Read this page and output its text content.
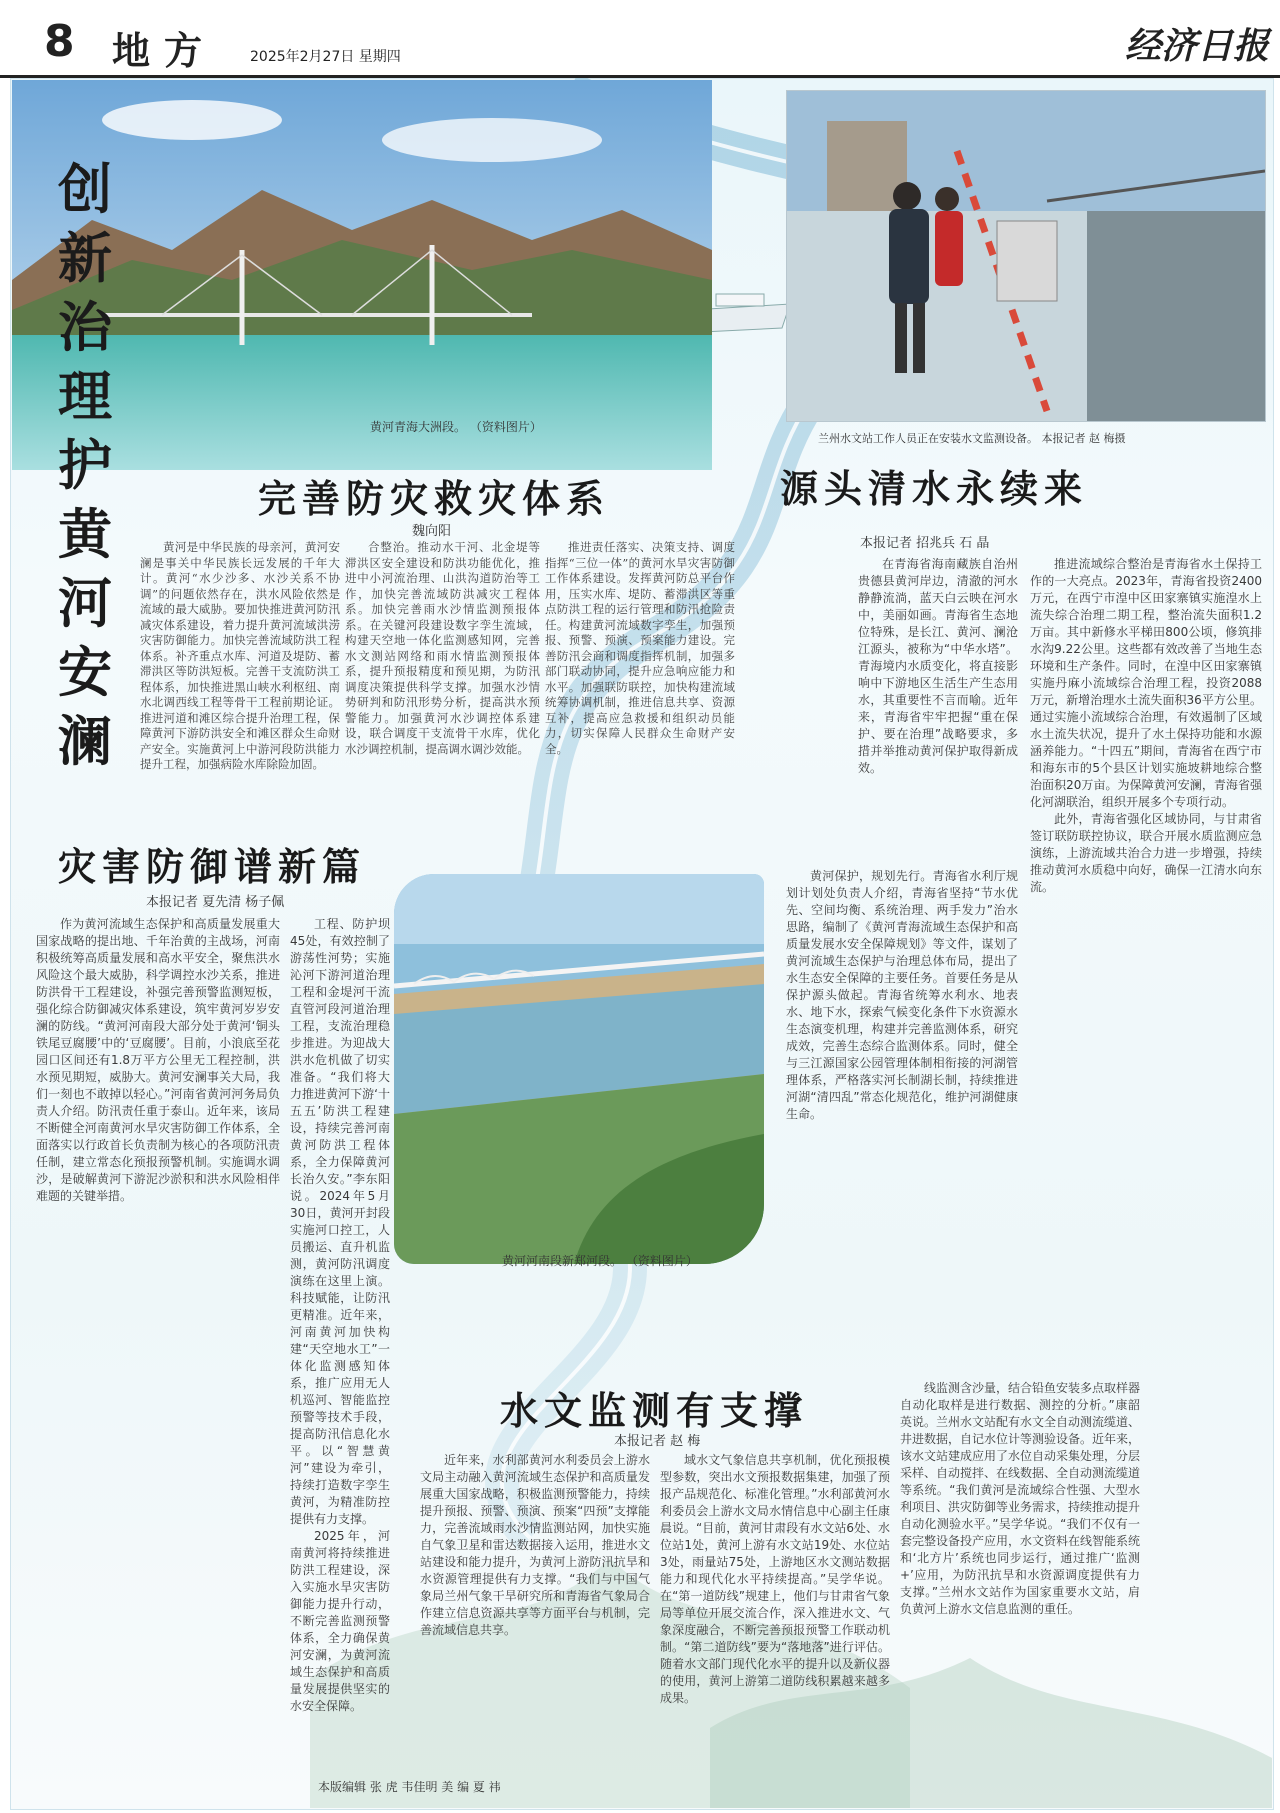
8 地方 2025年2月27日 星期四	经济日报
黄河青海大洲段。 （资料图片）
兰州水文站工作人员正在安装水文监测设备。 本报记者 赵 梅摄
创新治理护黄河安澜
完善防灾救灾体系
魏向阳

黄河是中华民族的母亲河，黄河安澜是事关中华民族长远发展的千年大计。黄河“水少沙多、水沙关系不协调”的问题依然存在，洪水风险依然是流域的最大威胁。要加快推进黄河防汛减灾体系建设，着力提升黄河流域洪涝灾害防御能力。加快完善流域防洪工程体系。补齐重点水库、河道及堤防、蓄滞洪区等防洪短板。完善干支流防洪工程体系，加快推进黑山峡水利枢纽、南水北调西线工程等骨干工程前期论证。推进河道和滩区综合提升治理工程，保障黄河下游防洪安全和滩区群众生命财产安全。实施黄河上中游河段防洪能力提升工程，加强病险水库除险加固。

合整治。推动水干河、北金堤等滞洪区安全建设和防洪功能优化，推进中小河流治理、山洪沟道防治等工作，加快完善流域防洪减灾工程体系。加快完善雨水沙情监测预报体系。在关键河段建设数字孪生流域，构建天空地一体化监测感知网，完善水文测站网络和雨水情监测预报体系，提升预报精度和预见期，为防汛调度决策提供科学支撑。加强水沙情势研判和防汛形势分析，提高洪水预警能力。加强黄河水沙调控体系建设，联合调度干支流骨干水库，优化水沙调控机制，提高调水调沙效能。

推进责任落实、决策支持、调度指挥“三位一体”的黄河水旱灾害防御工作体系建设。发挥黄河防总平台作用，压实水库、堤防、蓄滞洪区等重点防洪工程的运行管理和防汛抢险责任。构建黄河流域数字孪生，加强预报、预警、预演、预案能力建设。完善防汛会商和调度指挥机制，加强多部门联动协同，提升应急响应能力和水平。加强联防联控，加快构建流域统筹协调机制，推进信息共享、资源互补，提高应急救援和组织动员能力，切实保障人民群众生命财产安全。

源头清水永续来
本报记者 招兆兵 石 晶

在青海省海南藏族自治州贵德县黄河岸边，清澈的河水静静流淌，蓝天白云映在河水中，美丽如画。青海省生态地位特殊，是长江、黄河、澜沧江源头，被称为“中华水塔”。青海境内水质变化，将直接影响中下游地区生活生产生态用水，其重要性不言而喻。近年来，青海省牢牢把握“重在保护、要在治理”战略要求，多措并举推动黄河保护取得新成效。

黄河保护，规划先行。青海省水利厅规划计划处负责人介绍，青海省坚持“节水优先、空间均衡、系统治理、两手发力”治水思路，编制了《黄河青海流域生态保护和高质量发展水安全保障规划》等文件，谋划了黄河流域生态保护与治理总体布局，提出了水生态安全保障的主要任务。首要任务是从保护源头做起。青海省统筹水利水、地表水、地下水，探索气候变化条件下水资源水生态演变机理，构建并完善监测体系，研究成效，完善生态综合监测体系。同时，健全与三江源国家公园管理体制相衔接的河湖管理体系，严格落实河长制湖长制，持续推进河湖“清四乱”常态化规范化，维护河湖健康生命。

推进流域综合整治是青海省水土保持工作的一大亮点。2023年，青海省投资2400万元，在西宁市湟中区田家寨镇实施湟水上流失综合治理二期工程，整治流失面积1.2万亩。其中新修水平梯田800公顷，修筑排水沟9.22公里。这些都有效改善了当地生态环境和生产条件。同时，在湟中区田家寨镇实施丹麻小流域综合治理工程，投资2088万元，新增治理水土流失面积36平方公里。通过实施小流域综合治理，有效遏制了区域水土流失状况，提升了水土保持功能和水源涵养能力。“十四五”期间，青海省在西宁市和海东市的5个县区计划实施坡耕地综合整治面积20万亩。为保障黄河安澜，青海省强化河湖联治，组织开展多个专项行动。

此外，青海省强化区域协同，与甘肃省签订联防联控协议，联合开展水质监测应急演练，上游流域共治合力进一步增强，持续推动黄河水质稳中向好，确保一江清水向东流。

黄河河南段新郑河段。 （资料图片）
灾害防御谱新篇
本报记者 夏先清 杨子佩

作为黄河流域生态保护和高质量发展重大国家战略的提出地、千年治黄的主战场，河南积极统筹高质量发展和高水平安全，聚焦洪水风险这个最大威胁，科学调控水沙关系，推进防洪骨干工程建设，补强完善预警监测短板，强化综合防御减灾体系建设，筑牢黄河岁岁安澜的防线。“黄河河南段大部分处于黄河‘铜头铁尾豆腐腰’中的‘豆腐腰’。目前，小浪底至花园口区间还有1.8万平方公里无工程控制，洪水预见期短，威胁大。黄河安澜事关大局，我们一刻也不敢掉以轻心。”河南省黄河河务局负责人介绍。防汛责任重于泰山。近年来，该局不断健全河南黄河水旱灾害防御工作体系，全面落实以行政首长负责制为核心的各项防汛责任制，建立常态化预报预警机制。实施调水调沙，是破解黄河下游泥沙淤积和洪水风险相伴难题的关键举措。

工程、防护坝45处，有效控制了游荡性河势；实施沁河下游河道治理工程和金堤河干流直管河段河道治理工程，支流治理稳步推进。为迎战大洪水危机做了切实准备。“我们将大力推进黄河下游‘十五五’防洪工程建设，持续完善河南黄河防洪工程体系，全力保障黄河长治久安。”李东阳说。2024年5月30日，黄河开封段实施河口控工，人员搬运、直升机监测，黄河防汛调度演练在这里上演。科技赋能，让防汛更精准。近年来，河南黄河加快构建“天空地水工”一体化监测感知体系，推广应用无人机巡河、智能监控预警等技术手段，提高防汛信息化水平。以“智慧黄河”建设为牵引，持续打造数字孪生黄河，为精准防控提供有力支撑。

2025年，河南黄河将持续推进防洪工程建设，深入实施水旱灾害防御能力提升行动，不断完善监测预警体系，全力确保黄河安澜，为黄河流域生态保护和高质量发展提供坚实的水安全保障。

水文监测有支撑
本报记者 赵 梅

近年来，水利部黄河水利委员会上游水文局主动融入黄河流域生态保护和高质量发展重大国家战略，积极监测预警能力，持续提升预报、预警、预演、预案“四预”支撑能力，完善流域雨水沙情监测站网，加快实施自气象卫星和雷达数据接入运用，推进水文站建设和能力提升，为黄河上游防汛抗旱和水资源管理提供有力支撑。“我们与中国气象局兰州气象干旱研究所和青海省气象局合作建立信息资源共享等方面平台与机制，完善流域信息共享。

域水文气象信息共享机制，优化预报模型参数，突出水文预报数据集建，加强了预报产品规范化、标准化管理。”水利部黄河水利委员会上游水文局水情信息中心副主任康晨说。“目前，黄河甘肃段有水文站6处、水位站1处，黄河上游有水文站19处、水位站3处，雨量站75处，上游地区水文测站数据能力和现代化水平持续提高。”吴学华说。在“第一道防线”规建上，他们与甘肃省气象局等单位开展交流合作，深入推进水文、气象深度融合，不断完善预报预警工作联动机制。“第二道防线”要为“落地落”进行评估。随着水文部门现代化水平的提升以及新仪器的使用，黄河上游第二道防线积累越来越多成果。

线监测含沙量，结合铅鱼安装多点取样器自动化取样是进行数据、测控的分析。”康韶英说。兰州水文站配有水文全自动测流缆道、井进数据，自记水位计等测验设备。近年来，该水文站建成应用了水位自动采集处理，分层采样、自动搅拌、在线数据、全自动测流缆道等系统。“我们黄河是流域综合性强、大型水利项目、洪灾防御等业务需求，持续推动提升自动化测验水平。”吴学华说。“我们不仅有一套完整设备投产应用，水文资料在线智能系统和‘北方片’系统也同步运行，通过推广‘监测+’应用，为防汛抗旱和水资源调度提供有力支撑。”兰州水文站作为国家重要水文站，肩负黄河上游水文信息监测的重任。

本版编辑 张 虎 韦佳明 美 编 夏 祎
